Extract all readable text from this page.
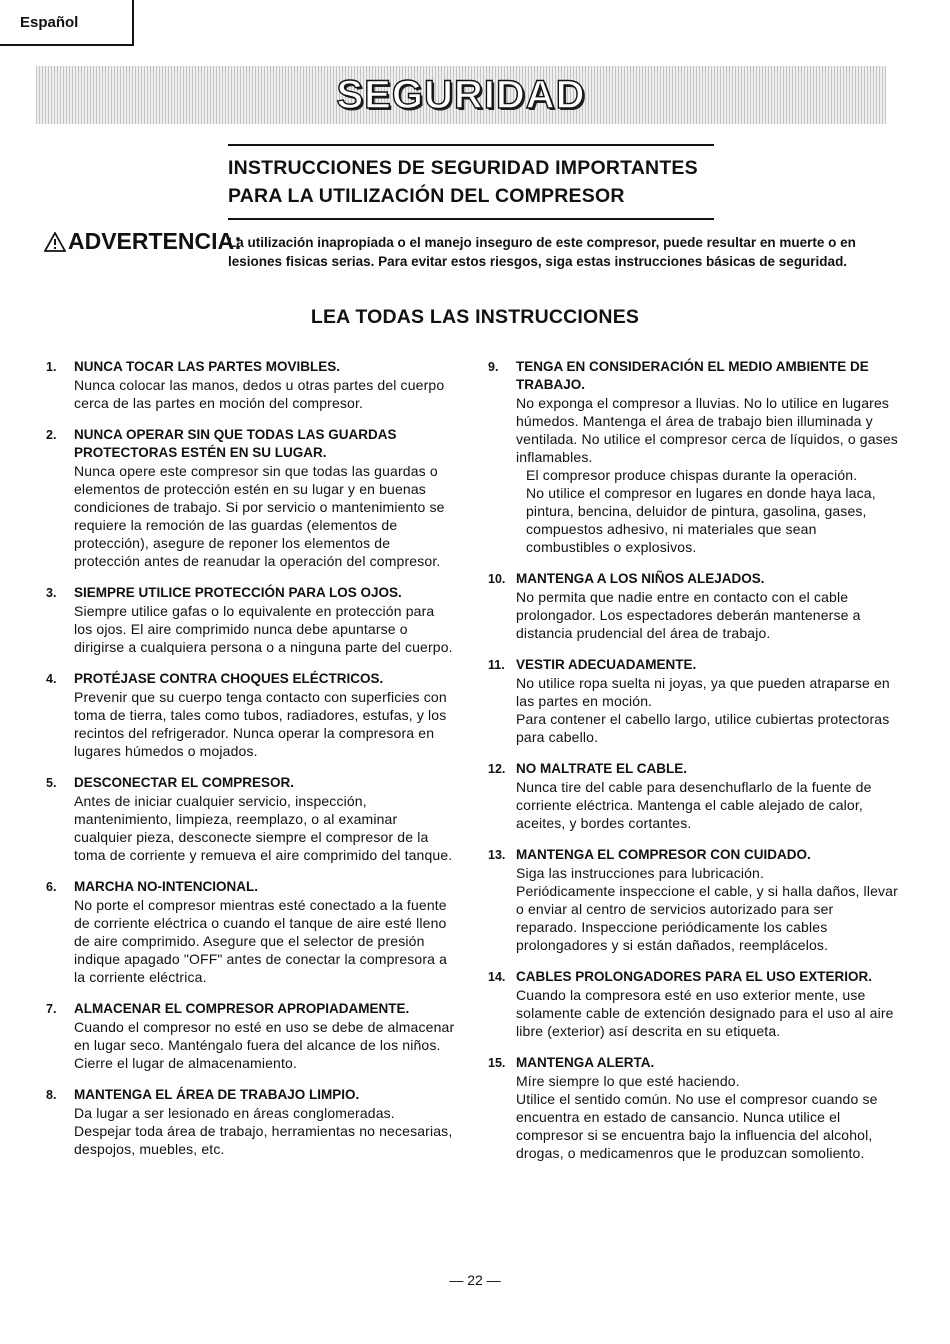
Español
SEGURIDAD
INSTRUCCIONES DE SEGURIDAD IMPORTANTES
PARA LA UTILIZACIÓN DEL COMPRESOR
ADVERTENCIA:
La utilización inapropiada o el manejo inseguro de este compresor, puede resultar en muerte o en lesiones fisicas serias. Para evitar estos riesgos, siga estas instrucciones básicas de seguridad.
LEA TODAS LAS INSTRUCCIONES
1.	NUNCA TOCAR LAS PARTES MOVIBLES.

Nunca colocar las manos, dedos u otras partes del cuerpo cerca de las partes en moción del compresor.

2.	NUNCA OPERAR SIN QUE TODAS LAS GUARDAS PROTECTORAS ESTÉN EN SU LUGAR.

Nunca opere este compresor sin que todas las guardas o elementos de protección estén en su lugar y en buenas condiciones de trabajo. Si por servicio o mantenimiento se requiere la remoción de las guardas (elementos de protección), asegure de reponer los elementos de protección antes de reanudar la operación del compresor.

3.	SIEMPRE UTILICE PROTECCIÓN PARA LOS OJOS.

Siempre utilice gafas o lo equivalente en protección para los ojos. El aire comprimido nunca debe apuntarse o dirigirse a cualquiera persona o a ninguna parte del cuerpo.

4.	PROTÉJASE CONTRA CHOQUES ELÉCTRICOS.

Prevenir que su cuerpo tenga contacto con superficies con toma de tierra, tales como tubos, radiadores, estufas, y los recintos del refrigerador. Nunca operar la compresora en lugares húmedos o mojados.

5.	DESCONECTAR EL COMPRESOR.

Antes de iniciar cualquier servicio, inspección, mantenimiento, limpieza, reemplazo, o al examinar cualquier pieza, desconecte siempre el compresor de la toma de corriente y remueva el aire comprimido del tanque.

6.	MARCHA NO-INTENCIONAL.

No porte el compresor mientras esté conectado a la fuente de corriente eléctrica o cuando el tanque de aire esté lleno de aire comprimido. Asegure que el selector de presión indique apagado "OFF" antes de conectar la compresora a la corriente eléctrica.

7.	ALMACENAR EL COMPRESOR APROPIADAMENTE.

Cuando el compresor no esté en uso se debe de almacenar en lugar seco. Manténgalo fuera del alcance de los niños. Cierre el lugar de almacenamiento.

8.	MANTENGA EL ÁREA DE TRABAJO LIMPIO.

Da lugar a ser lesionado en áreas conglomeradas. Despejar toda área de trabajo, herramientas no necesarias, despojos, muebles, etc.

9.	TENGA EN CONSIDERACIÓN EL MEDIO AMBIENTE DE TRABAJO.

No exponga el compresor a lluvias. No lo utilice en lugares húmedos. Mantenga el área de trabajo bien illuminada y ventilada. No utilice el compresor cerca de líquidos, o gases inflamables.

El compresor produce chispas durante la operación.

No utilice el compresor en lugares en donde haya laca, pintura, bencina, deluidor de pintura, gasolina, gases, compuestos adhesivo, ni materiales que sean combustibles o explosivos.

10. MANTENGA A LOS NIÑOS ALEJADOS.

No permita que nadie entre en contacto con el cable prolongador. Los espectadores deberán mantenerse a distancia prudencial del área de trabajo.

11. VESTIR ADECUADAMENTE.

No utilice ropa suelta ni joyas, ya que pueden atraparse en las partes en moción.

Para contener el cabello largo, utilice cubiertas protectoras para cabello.

12. NO MALTRATE EL CABLE.

Nunca tire del cable para desenchuflarlo de la fuente de corriente eléctrica. Mantenga el cable alejado de calor, aceites, y bordes cortantes.

13. MANTENGA EL COMPRESOR CON CUIDADO.

Siga las instrucciones para lubricación.

Periódicamente inspeccione el cable, y si halla daños, llevar o enviar al centro de servicios autorizado para ser reparado. Inspeccione periódicamente los cables prolongadores y si están dañados, reemplácelos.

14. CABLES PROLONGADORES PARA EL USO EXTERIOR.

Cuando la compresora esté en uso exterior mente, use solamente cable de extención designado para el uso al aire libre (exterior) así descrita en su etiqueta.

15. MANTENGA ALERTA.

Míre siempre lo que esté haciendo.

Utilice el sentido común. No use el compresor cuando se encuentra en estado de cansancio. Nunca utilice el compresor si se encuentra bajo la influencia del alcohol, drogas, o medicamenros que le produzcan somoliento.

— 22 —
